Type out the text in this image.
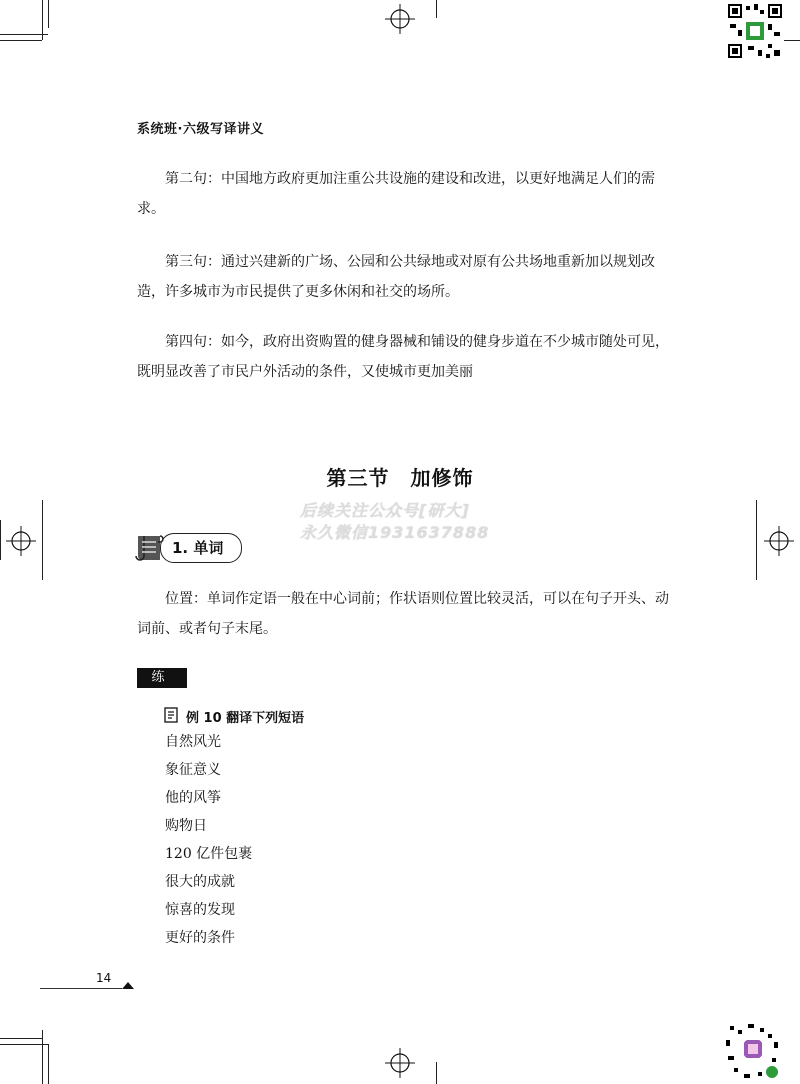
系统班·六级写译讲义

第二句：中国地方政府更加注重公共设施的建设和改进，以更好地满足人们的需求。

第三句：通过兴建新的广场、公园和公共绿地或对原有公共场地重新加以规划改造，许多城市为市民提供了更多休闲和社交的场所。

第四句：如今，政府出资购置的健身器械和铺设的健身步道在不少城市随处可见，既明显改善了市民户外活动的条件，又使城市更加美丽

第三节　加修饰
后续关注公众号[研大]
永久微信1931637888
1. 单词

位置：单词作定语一般在中心词前；作状语则位置比较灵活，可以在句子开头、动词前、或者句子末尾。

练 习
例 10 翻译下列短语
自然风光
象征意义
他的风筝
购物日
120 亿件包裹
很大的成就
惊喜的发现
更好的条件
14
